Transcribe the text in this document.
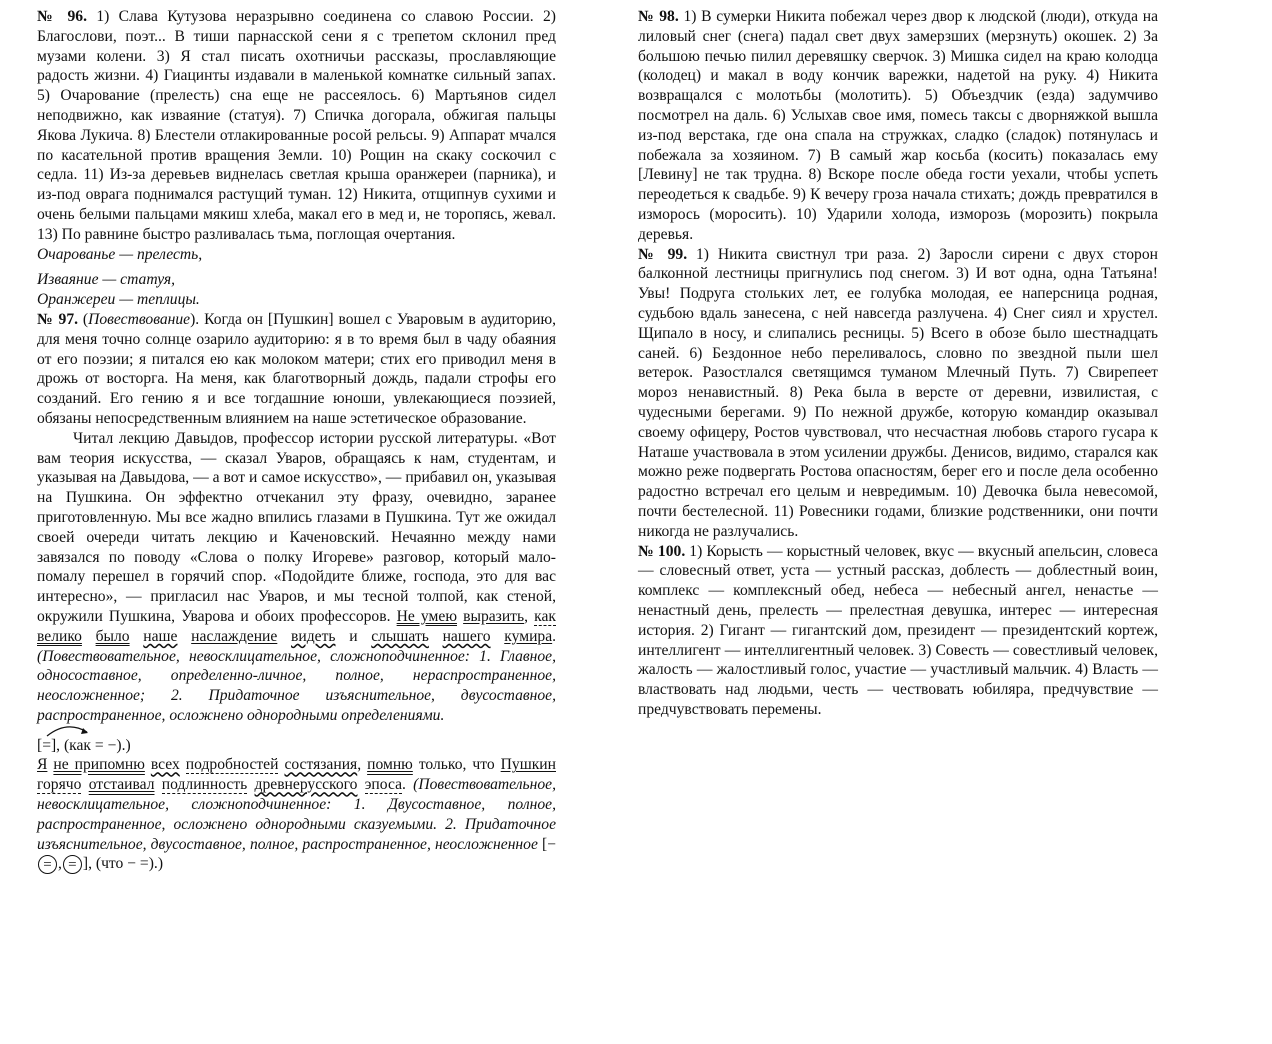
№ 96. 1) Слава Кутузова неразрывно соединена со славою России. 2) Благослови, поэт... В тиши парнасской сени я с трепетом склонил пред музами колени. 3) Я стал писать охотничьи рассказы, прославляющие радость жизни. 4) Гиацинты издавали в маленькой комнатке сильный запах. 5) Очарование (прелесть) сна еще не рассеялось. 6) Мартьянов сидел неподвижно, как изваяние (статуя). 7) Спичка догорала, обжигая пальцы Якова Лукича. 8) Блестели отлакированные росой рельсы. 9) Аппарат мчался по касательной против вращения Земли. 10) Рощин на скаку соскочил с седла. 11) Из-за деревьев виднелась светлая крыша оранжереи (парника), и из-под оврага поднимался растущий туман. 12) Никита, отщипнув сухими и очень белыми пальцами мякиш хлеба, макал его в мед и, не торопясь, жевал. 13) По равнине быстро разливалась тьма, поглощая очертания.

Очарованье — прелесть,

Изваяние — статуя,

Оранжереи — теплицы.

№ 97. (Повествование). Когда он [Пушкин] вошел с Уваровым в аудиторию, для меня точно солнце озарило аудиторию: я в то время был в чаду обаяния от его поэзии; я питался ею как молоком матери; стих его приводил меня в дрожь от восторга. На меня, как благотворный дождь, падали строфы его созданий. Его гению я и все тогдашние юноши, увлекающиеся поэзией, обязаны непосредственным влиянием на наше эстетическое образование.

Читал лекцию Давыдов, профессор истории русской литературы. «Вот вам теория искусства, — сказал Уваров, обращаясь к нам, студентам, и указывая на Давыдова, — а вот и самое искусство», — прибавил он, указывая на Пушкина. Он эффектно отчеканил эту фразу, очевидно, заранее приготовленную. Мы все жадно впились глазами в Пушкина. Тут же ожидал своей очереди читать лекцию и Каченовский. Нечаянно между нами завязался по поводу «Слова о полку Игореве» разговор, который мало-помалу перешел в горячий спор. «Подойдите ближе, господа, это для вас интересно», — пригласил нас Уваров, и мы тесной толпой, как стеной, окружили Пушкина, Уварова и обоих профессоров. Не умею выразить, как велико было наше наслаждение видеть и слышать нашего кумира. (Повествовательное, невосклицательное, сложноподчиненное: 1. Главное, односоставное, определенно-личное, полное, нераспространенное, неосложненное; 2. Придаточное изъяснительное, двусоставное, распространенное, осложнено однородными определениями.

[=], (как = −).)

Я не припомню всех подробностей состязания, помню только, что Пушкин горячо отстаивал подлинность древнерусского эпоса. (Повествовательное, невосклицательное, сложноподчиненное: 1. Двусоставное, полное, распространенное, осложнено однородными сказуемыми. 2. Придаточное изъяснительное, двусоставное, полное, распространенное, неосложненное [− = , = ], (что − =).)

№ 98. 1) В сумерки Никита побежал через двор к людской (люди), откуда на лиловый снег (снега) падал свет двух замерзших (мерзнуть) окошек. 2) За большою печью пилил деревяшку сверчок. 3) Мишка сидел на краю колодца (колодец) и макал в воду кончик варежки, надетой на руку. 4) Никита возвращался с молотьбы (молотить). 5) Объездчик (езда) задумчиво посмотрел на даль. 6) Услыхав свое имя, помесь таксы с дворняжкой вышла из-под верстака, где она спала на стружках, сладко (сладок) потянулась и побежала за хозяином. 7) В самый жар косьба (косить) показалась ему [Левину] не так трудна. 8) Вскоре после обеда гости уехали, чтобы успеть переодеться к свадьбе. 9) К вечеру гроза начала стихать; дождь превратился в изморось (моросить). 10) Ударили холода, изморозь (морозить) покрыла деревья.

№ 99. 1) Никита свистнул три раза. 2) Заросли сирени с двух сторон балконной лестницы пригнулись под снегом. 3) И вот одна, одна Татьяна! Увы! Подруга стольких лет, ее голубка молодая, ее наперсница родная, судьбою вдаль занесена, с ней навсегда разлучена. 4) Снег сиял и хрустел. Щипало в носу, и слипались ресницы. 5) Всего в обозе было шестнадцать саней. 6) Бездонное небо переливалось, словно по звездной пыли шел ветерок. Разостлался светящимся туманом Млечный Путь. 7) Свирепеет мороз ненавистный. 8) Река была в версте от деревни, извилистая, с чудесными берегами. 9) По нежной дружбе, которую командир оказывал своему офицеру, Ростов чувствовал, что несчастная любовь старого гусара к Наташе участвовала в этом усилении дружбы. Денисов, видимо, старался как можно реже подвергать Ростова опасностям, берег его и после дела особенно радостно встречал его целым и невредимым. 10) Девочка была невесомой, почти бестелесной. 11) Ровесники годами, близкие родственники, они почти никогда не разлучались.

№ 100. 1) Корысть — корыстный человек, вкус — вкусный апельсин, словеса — словесный ответ, уста — устный рассказ, доблесть — доблестный воин, комплекс — комплексный обед, небеса — небесный ангел, ненастье — ненастный день, прелесть — прелестная девушка, интерес — интересная история. 2) Гигант — гигантский дом, президент — президентский кортеж, интеллигент — интеллигентный человек. 3) Совесть — совестливый человек, жалость — жалостливый голос, участие — участливый мальчик. 4) Власть — властвовать над людьми, честь — чествовать юбиляра, предчувствие — предчувствовать перемены.
